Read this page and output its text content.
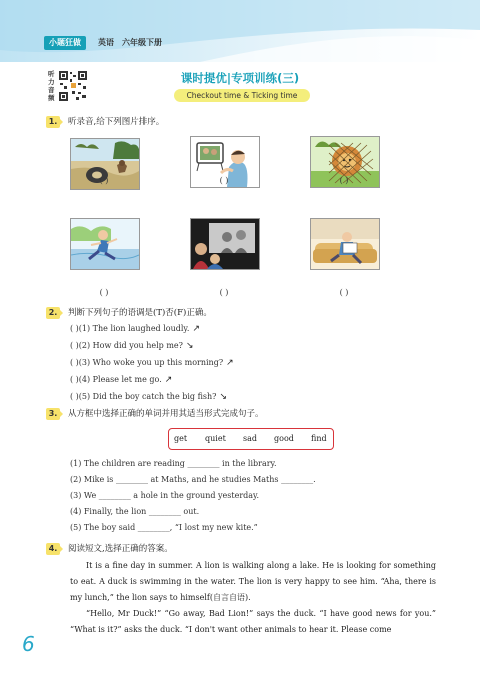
小题狂做	英语 六年级下册
听力音频
课时提优|专项训练(三)
Checkout time & Ticking time
1.	听录音,给下列图片排序。
( )	( )	( )
( )	( )	( )
2.	判断下列句子的语调是(T)否(F)正确。
( )(1) The lion laughed loudly. ↗
( )(2) How did you help me? ↘
( )(3) Who woke you up this morning? ↗
( )(4) Please let me go. ↗
( )(5) Did the boy catch the big fish? ↘
3.	从方框中选择正确的单词并用其适当形式完成句子。
get quiet sad good find
(1) The children are reading ________ in the library.
(2) Mike is ________ at Maths, and he studies Maths ________.
(3) We ________ a hole in the ground yesterday.
(4) Finally, the lion ________ out.
(5) The boy said ________, “I lost my new kite.”
4.	阅读短文,选择正确的答案。
It is a fine day in summer. A lion is walking along a lake. He is looking for something to eat. A duck is swimming in the water. The lion is very happy to see him. “Aha, there is my lunch,” the lion says to himself(自言自语).
“Hello, Mr Duck!” “Go away, Bad Lion!” says the duck. “I have good news for you.” “What is it?” asks the duck. “I don't want other animals to hear it. Please come
6
